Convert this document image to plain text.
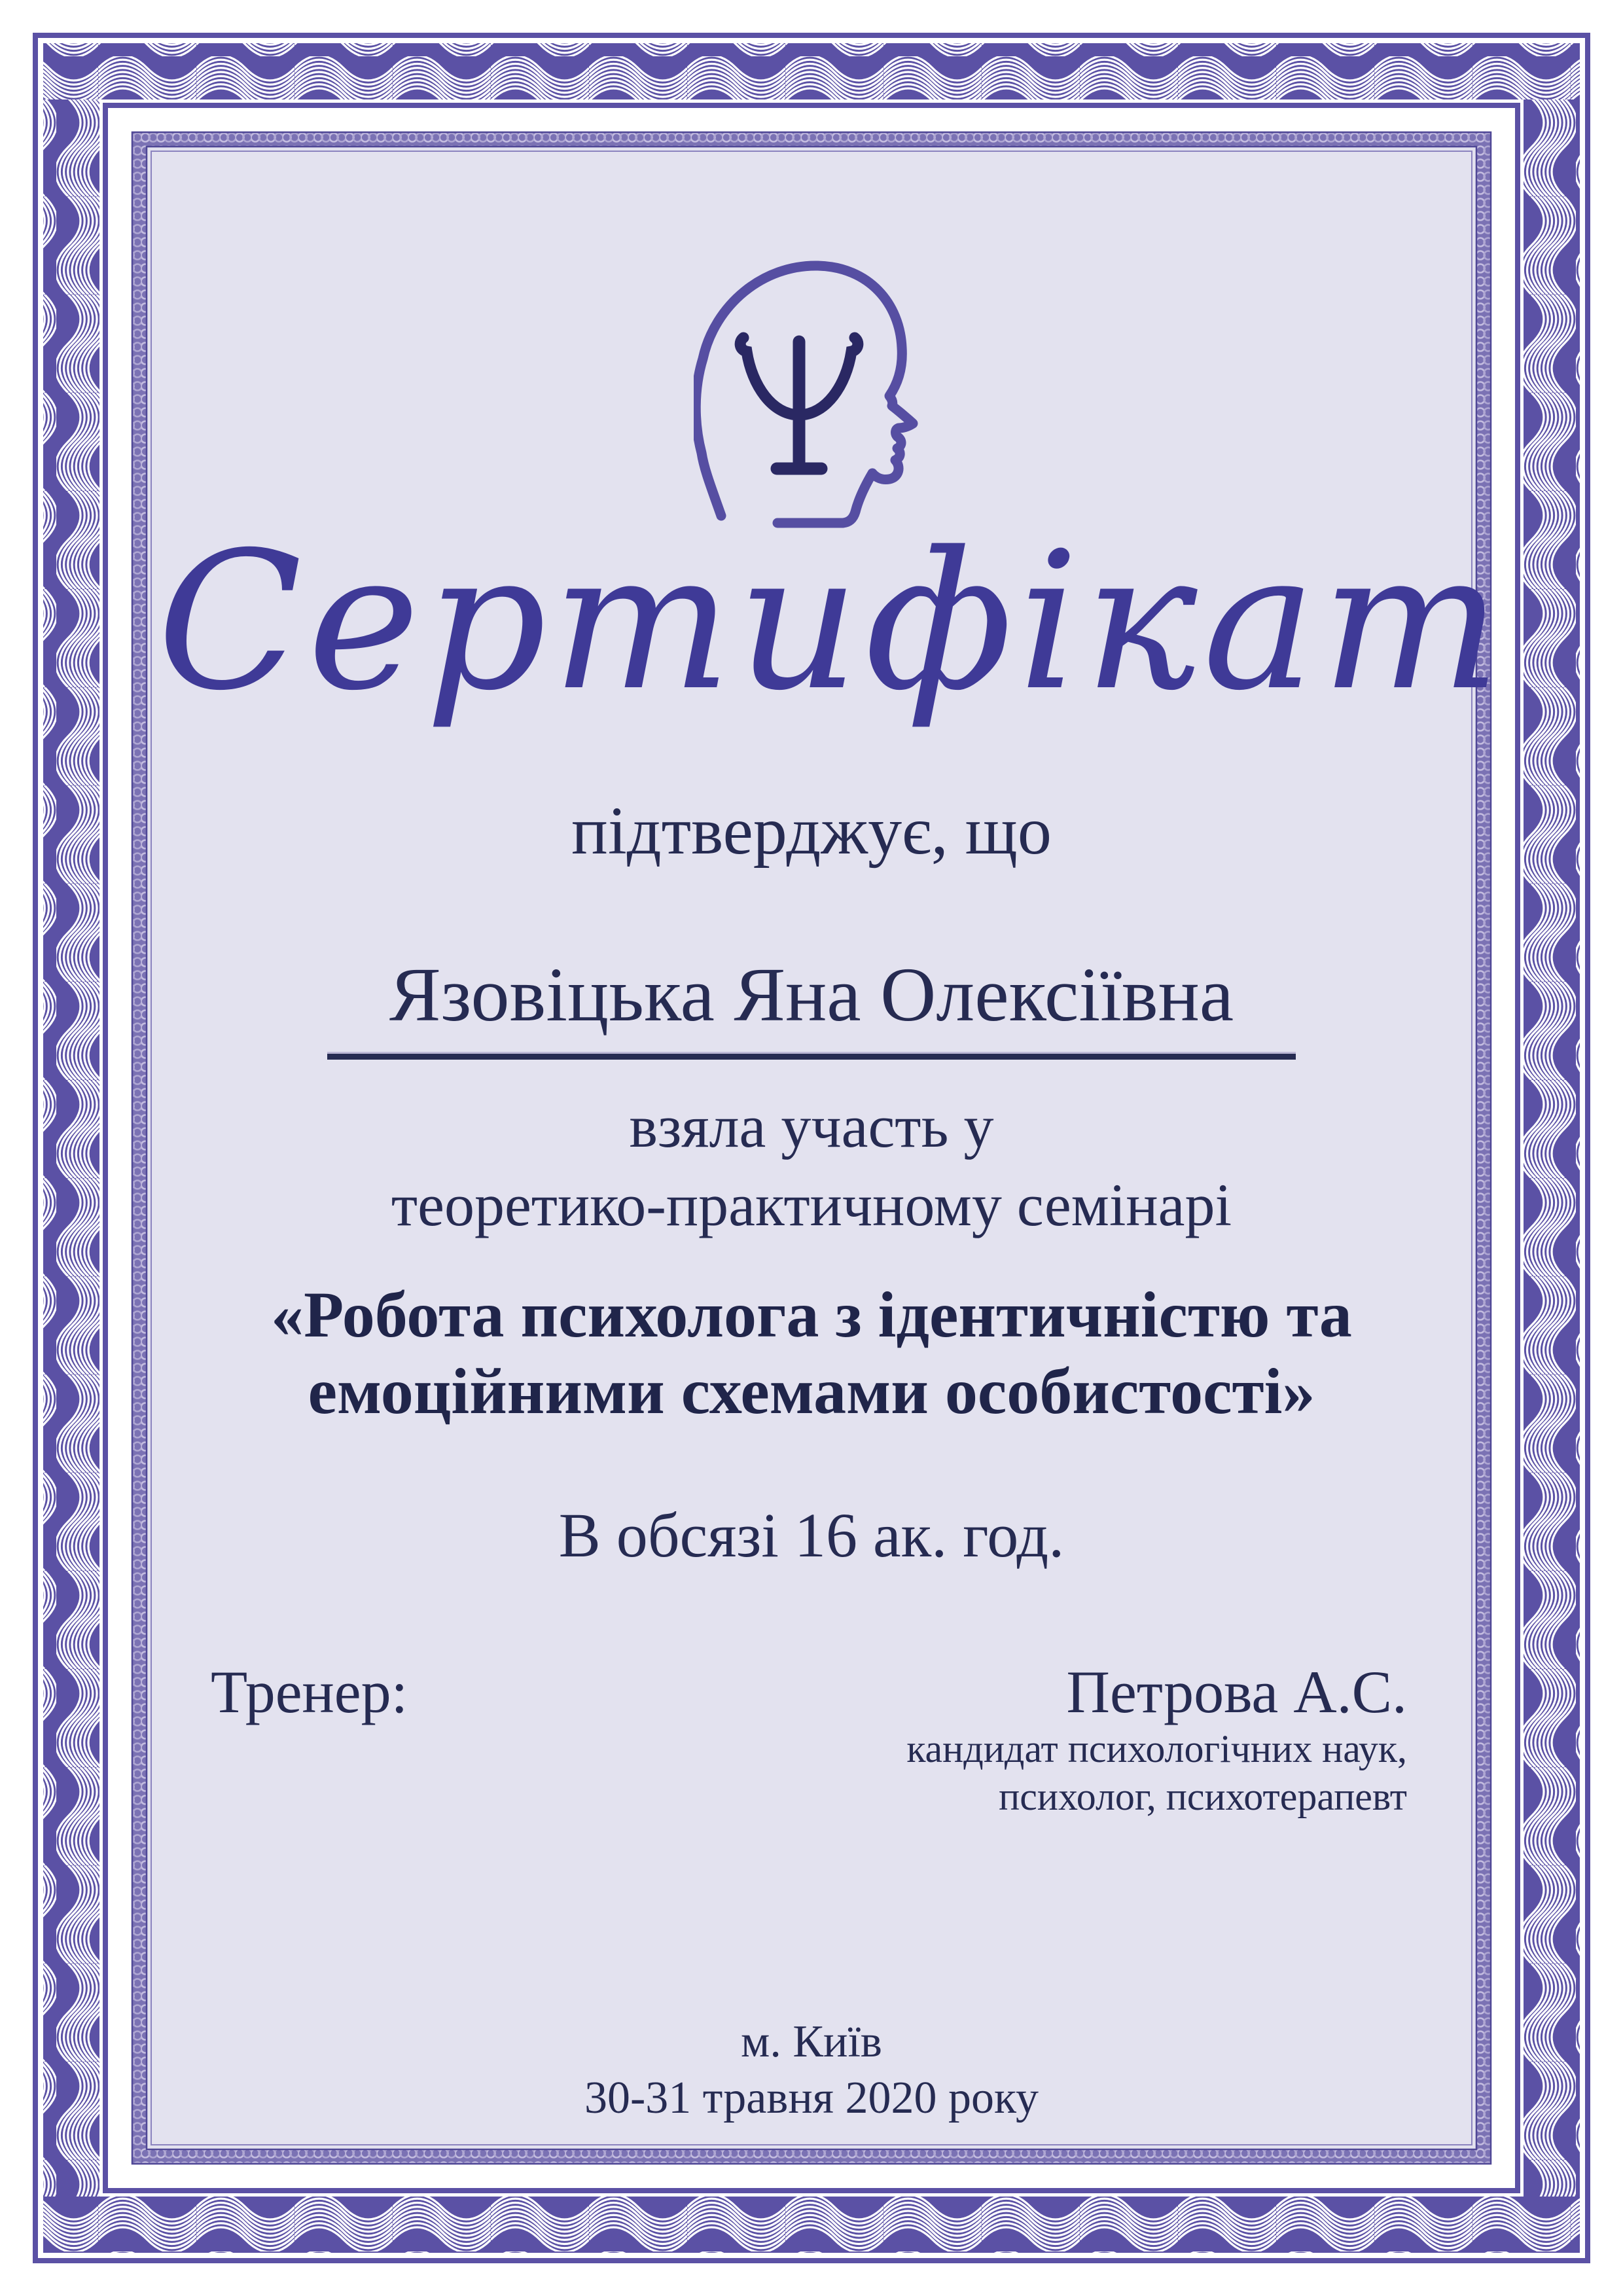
Сертифікат
підтверджує, що
Язовіцька Яна Олексіївна
взяла участь у
теоретико-практичному семінарі
«Робота психолога з ідентичністю та
емоційними схемами особистості»
В обсязі 16 ак. год.
Тренер:	Петрова А.С.
кандидат психологічних наук,
психолог, психотерапевт
м. Київ
30-31 травня 2020 року
